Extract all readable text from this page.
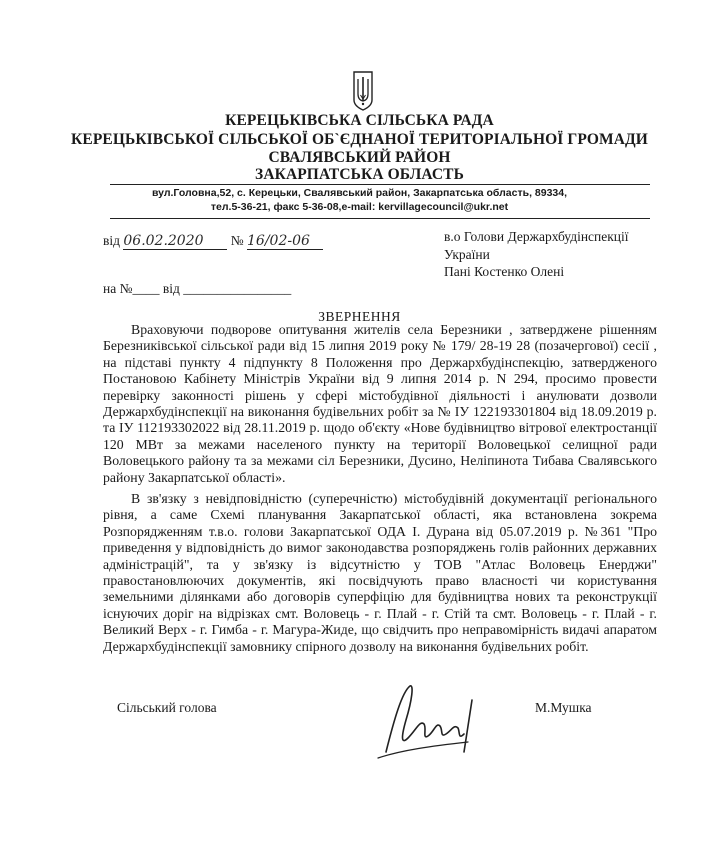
КЕРЕЦЬКІВСЬКА СІЛЬСЬКА РАДА
КЕРЕЦЬКІВСЬКОЇ СІЛЬСЬКОЇ ОБ`ЄДНАНОЇ ТЕРИТОРІАЛЬНОЇ ГРОМАДИ
СВАЛЯВСЬКИЙ РАЙОН
ЗАКАРПАТСЬКА ОБЛАСТЬ
вул.Головна,52, с. Керецьки, Свалявський район, Закарпатська область, 89334,
тел.5-36-21, факс 5-36-08,e-mail: kervillagecouncil@ukr.net
від 06.02.2020 № 16/02-06
на №____ від ________________
в.о Голови Держархбудінспекції
України
Пані Костенко Олені
ЗВЕРНЕННЯ
Враховуючи подворове опитування жителів села Березники , затверджене рішенням Березниківської сільської ради від 15 липня 2019 року № 179/ 28-19 28 (позачергової) сесії , на підставі пункту 4 підпункту 8 Положення про Держархбудінспекцію, затвердженого Постановою Кабінету Міністрів України від 9 липня 2014 р. N 294, просимо провести перевірку законності рішень у сфері містобудівної діяльності і анулювати дозволи Держархбудінспекції на виконання будівельних робіт за № ІУ 122193301804 від 18.09.2019 р. та ІУ 112193302022 від 28.11.2019 р. щодо об'єкту «Нове будівництво вітрової електростанції 120 МВт за межами населеного пункту на території Воловецької селищної ради Воловецького району та за межами сіл Березники, Дусино, Неліпинота Тибава Свалявського району Закарпатської області».
В зв'язку з невідповідністю (суперечністю) містобудівній документації регіонального рівня, а саме Схемі планування Закарпатської області, яка встановлена зокрема Розпорядженням т.в.о. голови Закарпатської ОДА І. Дурана від 05.07.2019 р. №361 "Про приведення у відповідність до вимог законодавства розпоряджень голів районних державних адміністрацій", та у зв'язку із відсутністю у ТОВ "Атлас Воловець Енерджи" правостановлюючих документів, які посвідчують право власності чи користування земельними ділянками або договорів суперфіцію для будівництва нових та реконструкції існуючих доріг на відрізках смт. Воловець - г. Плай - г. Стій та смт. Воловець - г. Плай - г. Великий Верх - г. Гимба - г. Магура-Жиде, що свідчить про неправомірність видачі апаратом Держархбудінспекції замовнику спірного дозволу на виконання будівельних робіт.
Сільський голова	М.Мушка
